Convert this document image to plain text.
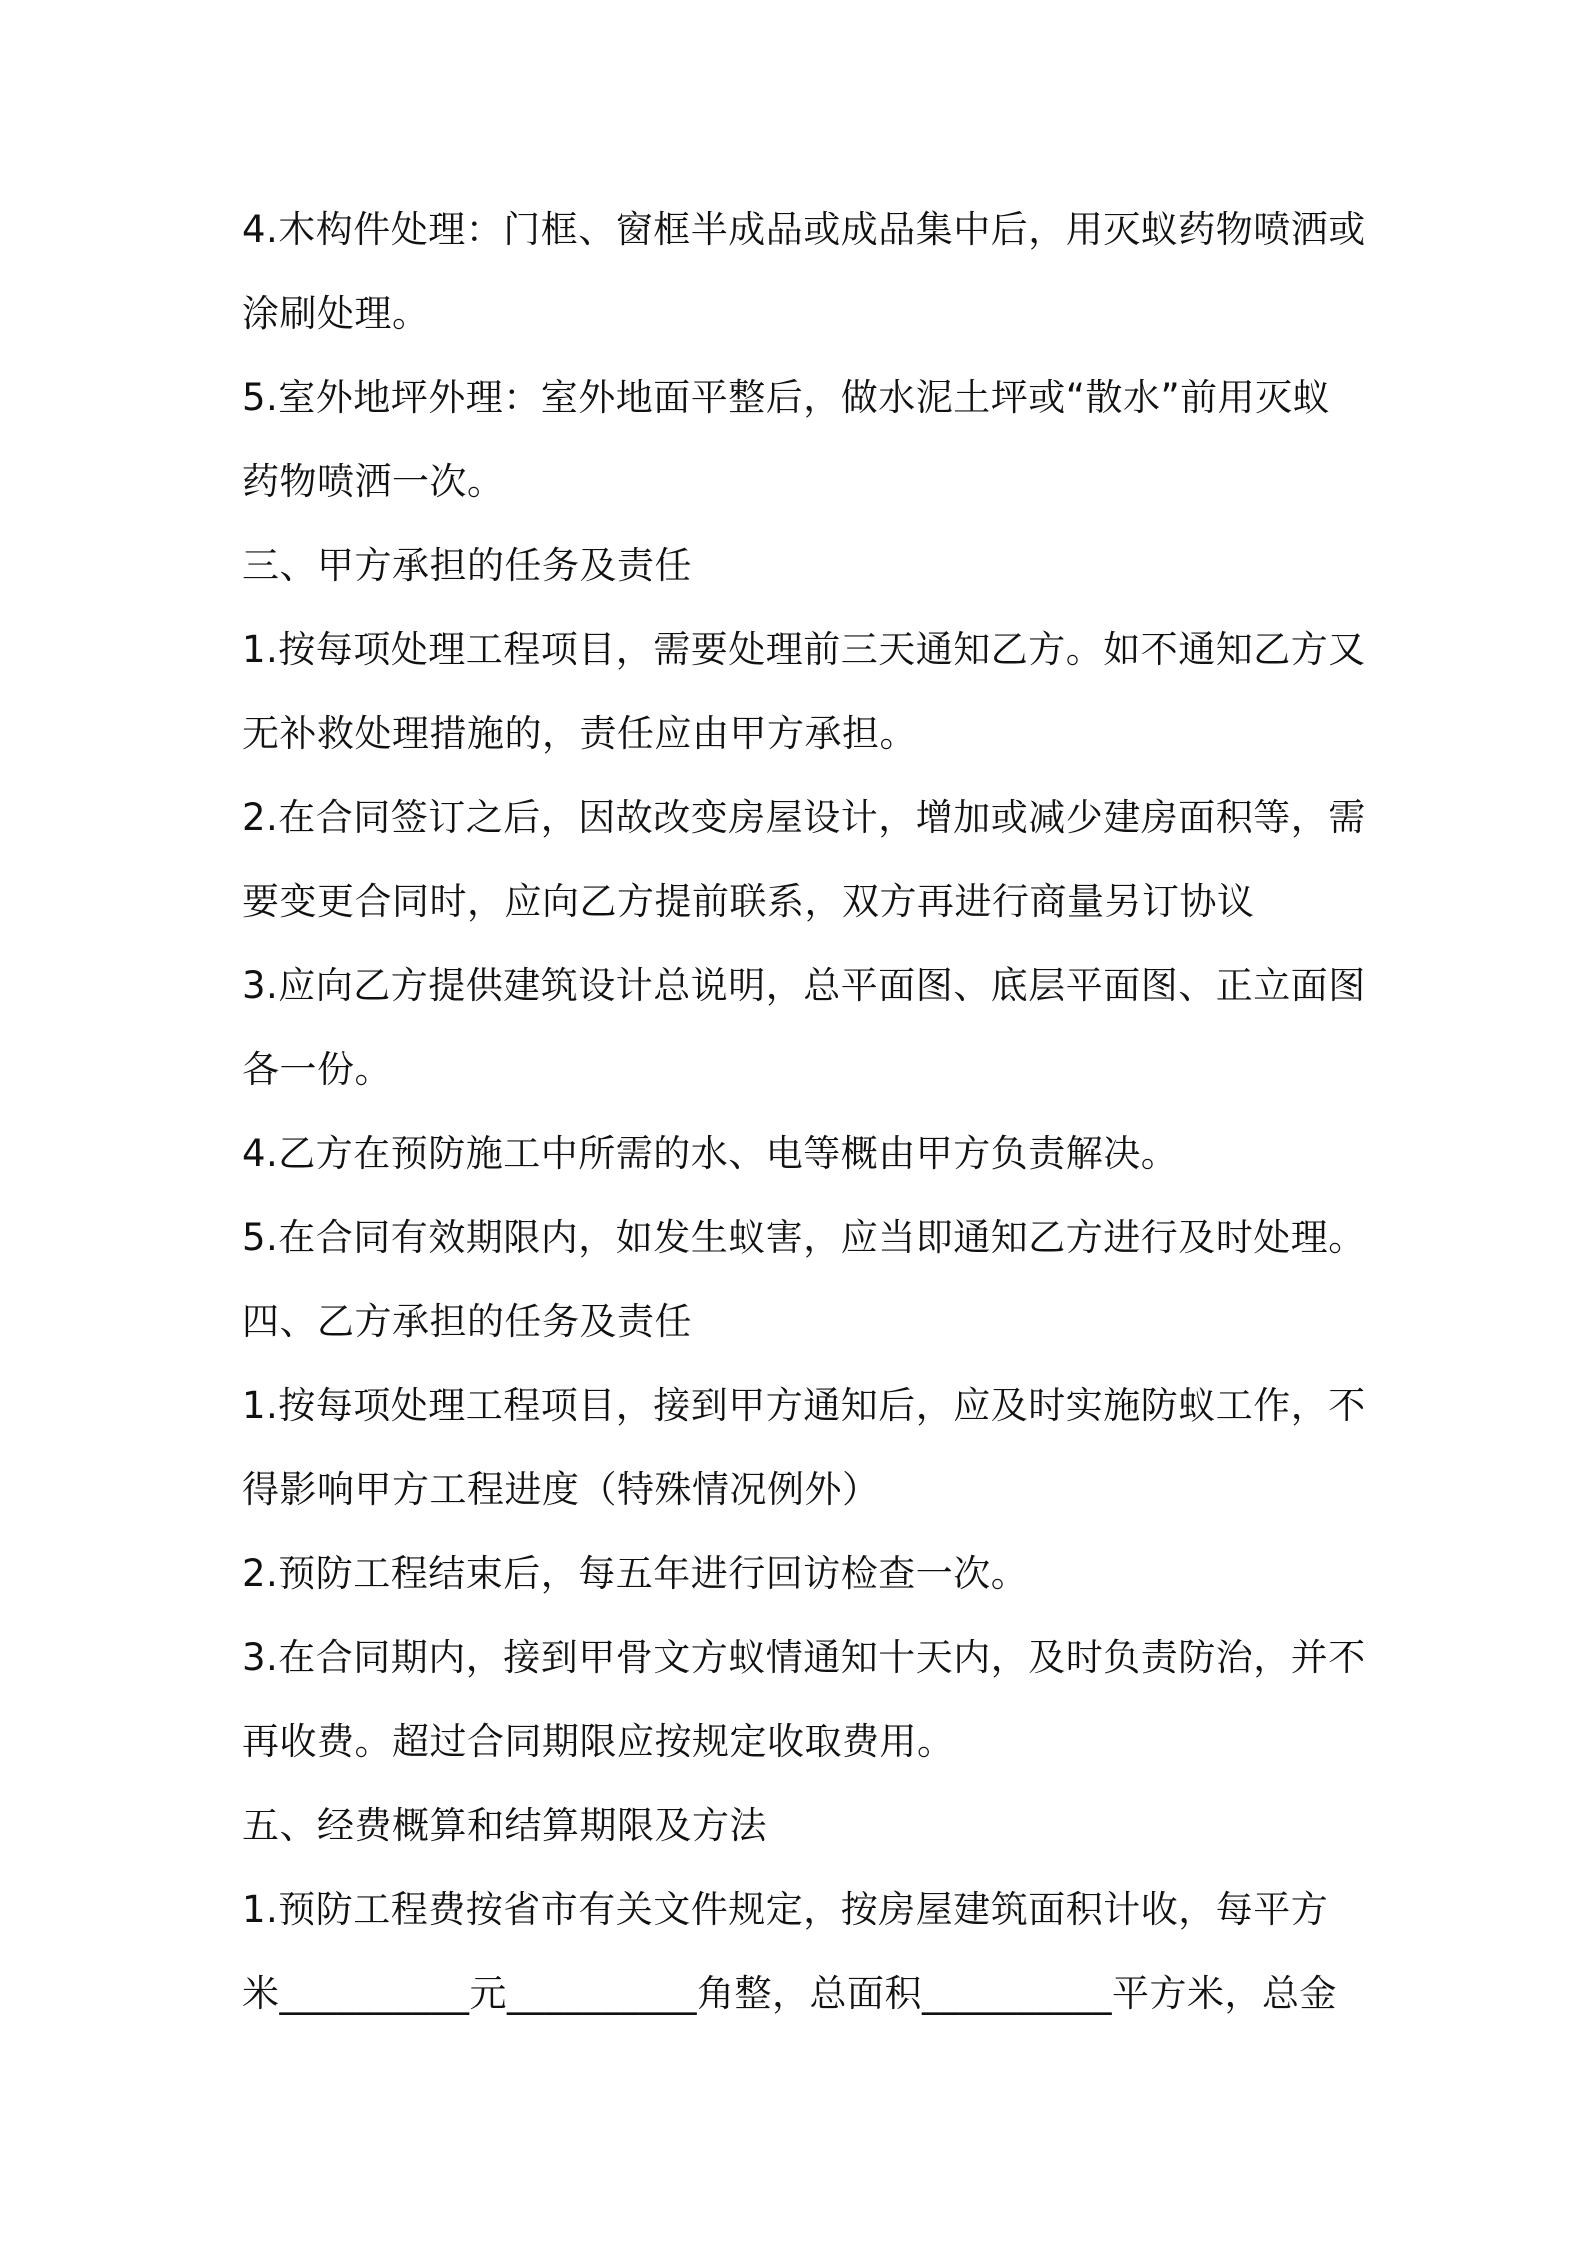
4.木构件处理：门框、窗框半成品或成品集中后，用灭蚁药物喷洒或

涂刷处理。

5.室外地坪外理：室外地面平整后，做水泥土坪或“散水”前用灭蚁

药物喷洒一次。

三、甲方承担的任务及责任

1.按每项处理工程项目，需要处理前三天通知乙方。如不通知乙方又

无补救处理措施的，责任应由甲方承担。

2.在合同签订之后，因故改变房屋设计，增加或减少建房面积等，需

要变更合同时，应向乙方提前联系，双方再进行商量另订协议

3.应向乙方提供建筑设计总说明，总平面图、底层平面图、正立面图

各一份。

4.乙方在预防施工中所需的水、电等概由甲方负责解决。

5.在合同有效期限内，如发生蚁害，应当即通知乙方进行及时处理。

四、乙方承担的任务及责任

1.按每项处理工程项目，接到甲方通知后，应及时实施防蚁工作，不

得影响甲方工程进度（特殊情况例外）

2.预防工程结束后，每五年进行回访检查一次。

3.在合同期内，接到甲骨文方蚁情通知十天内，及时负责防治，并不

再收费。超过合同期限应按规定收取费用。

五、经费概算和结算期限及方法

1.预防工程费按省市有关文件规定，按房屋建筑面积计收，每平方

米__________元__________角整，总面积__________平方米，总金
